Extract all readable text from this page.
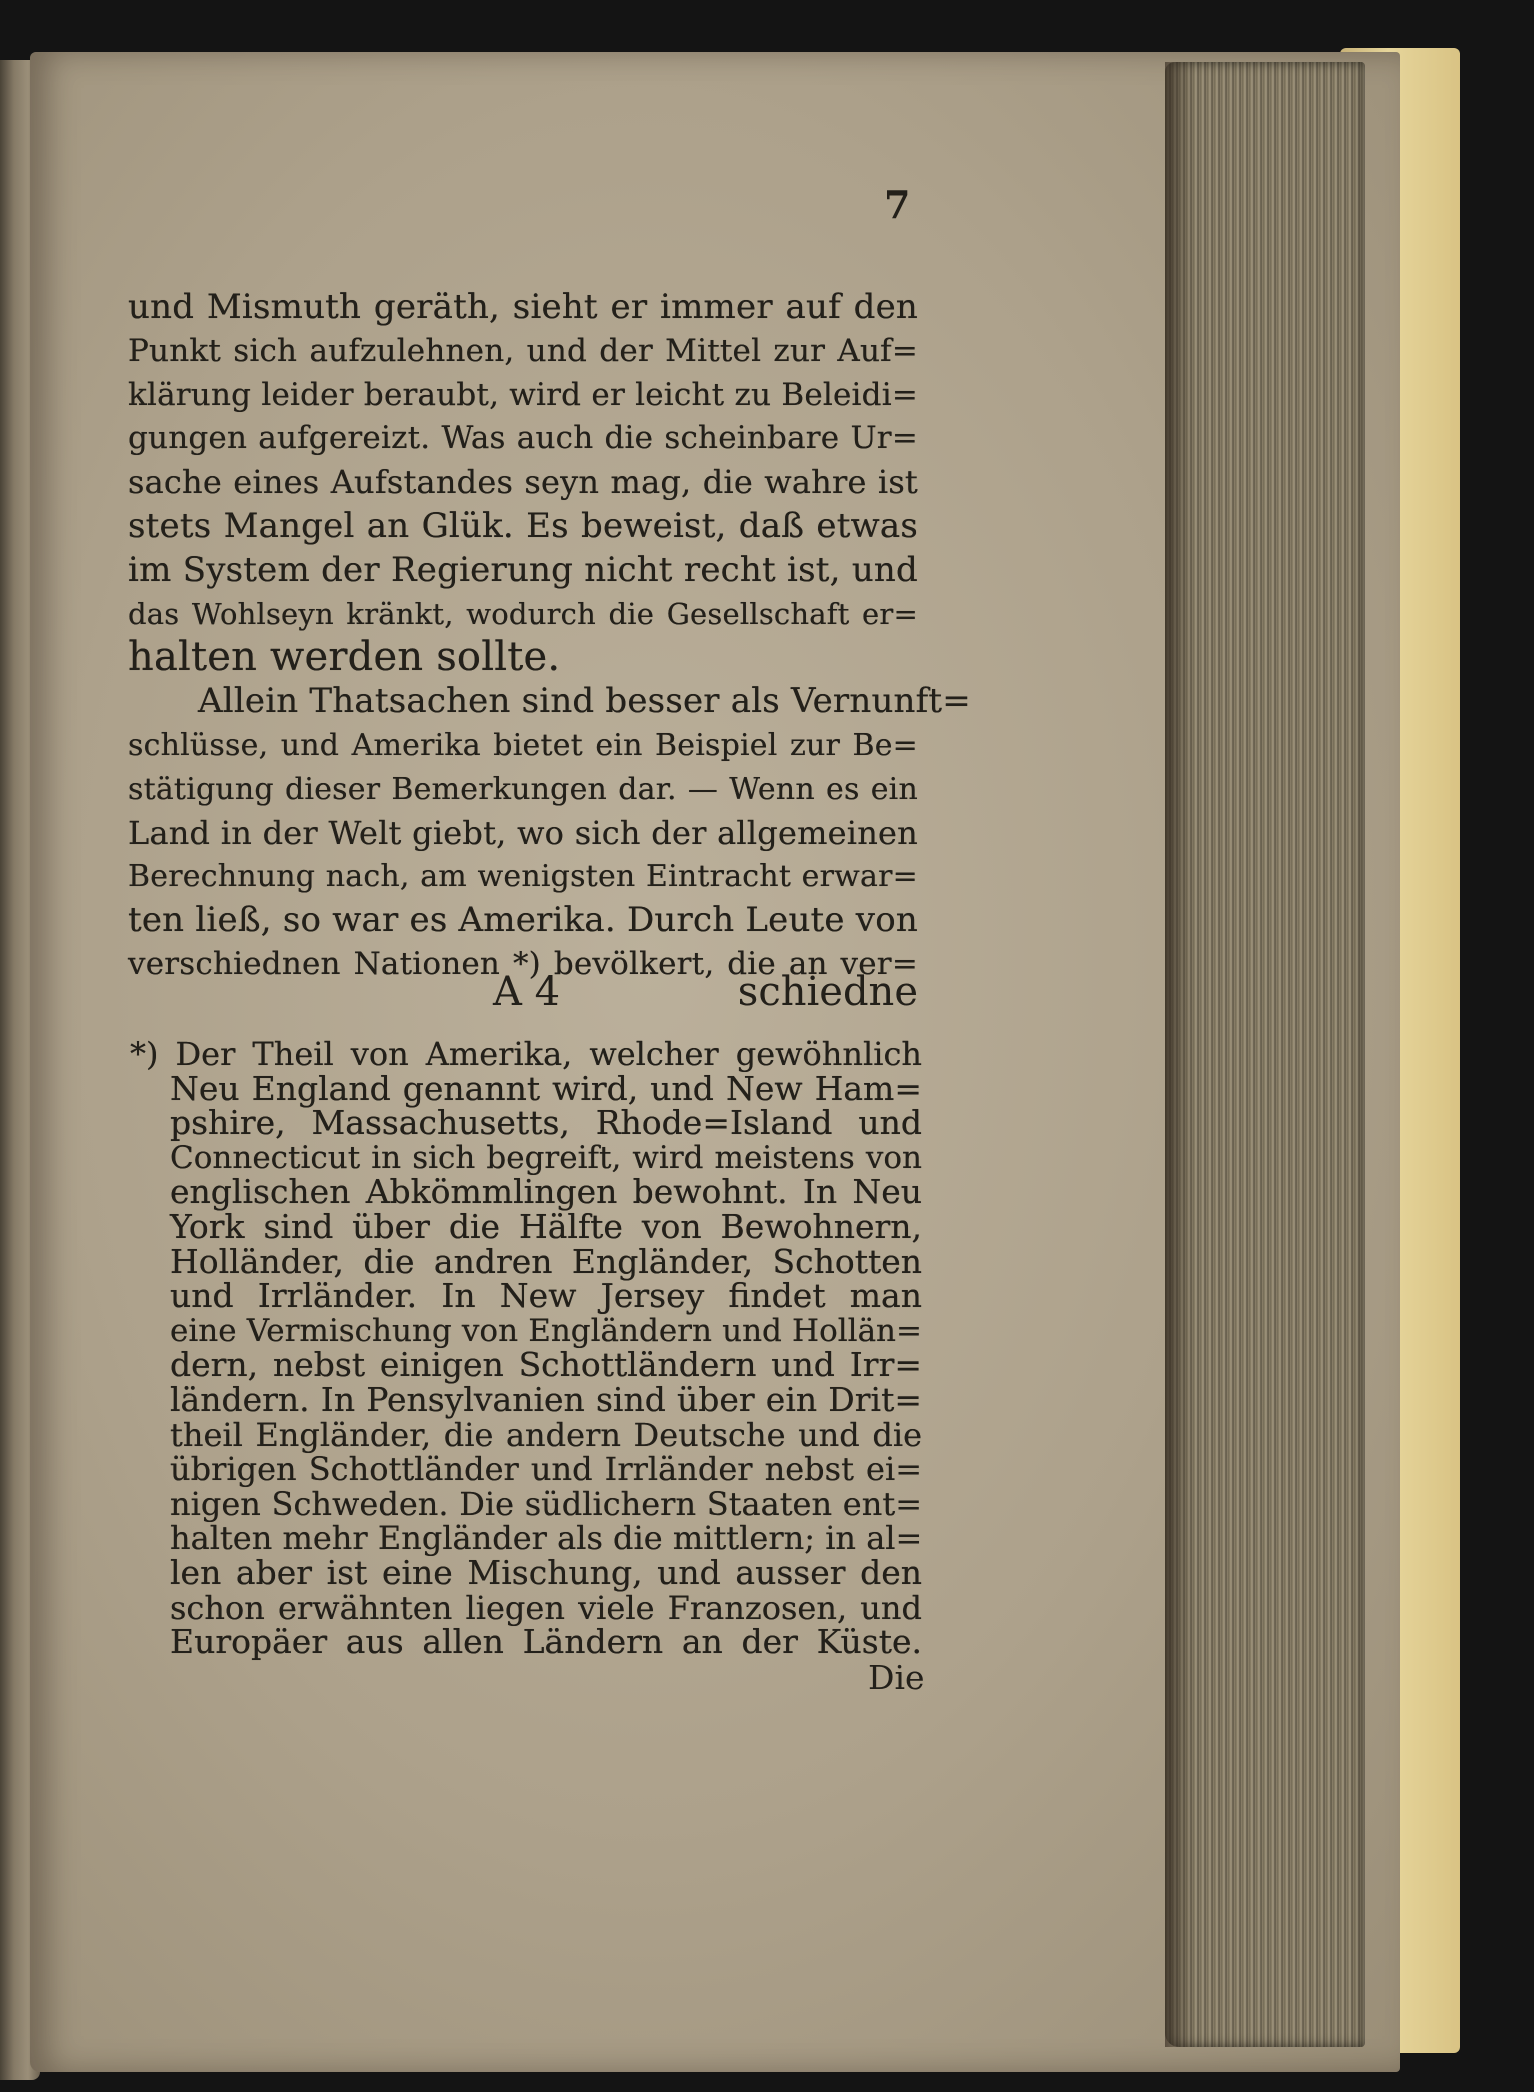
7
und Mismuth geräth, sieht er immer auf den
Punkt sich aufzulehnen, und der Mittel zur Auf=
klärung leider beraubt, wird er leicht zu Beleidi=
gungen aufgereizt. Was auch die scheinbare Ur=
sache eines Aufstandes seyn mag, die wahre ist
stets Mangel an Glük. Es beweist, daß etwas
im System der Regierung nicht recht ist, und
das Wohlseyn kränkt, wodurch die Gesellschaft er=
halten werden sollte.
Allein Thatsachen sind besser als Vernunft=
schlüsse, und Amerika bietet ein Beispiel zur Be=
stätigung dieser Bemerkungen dar. — Wenn es ein
Land in der Welt giebt, wo sich der allgemeinen
Berechnung nach, am wenigsten Eintracht erwar=
ten ließ, so war es Amerika. Durch Leute von
verschiednen Nationen *) bevölkert, die an ver=
A 4	schiedne
*) Der Theil von Amerika, welcher gewöhnlich
Neu England genannt wird, und New Ham=
pshire, Massachusetts, Rhode=Island und
Connecticut in sich begreift, wird meistens von
englischen Abkömmlingen bewohnt. In Neu
York sind über die Hälfte von Bewohnern,
Holländer, die andren Engländer, Schotten
und Irrländer. In New Jersey findet man
eine Vermischung von Engländern und Hollän=
dern, nebst einigen Schottländern und Irr=
ländern. In Pensylvanien sind über ein Drit=
theil Engländer, die andern Deutsche und die
übrigen Schottländer und Irrländer nebst ei=
nigen Schweden. Die südlichern Staaten ent=
halten mehr Engländer als die mittlern; in al=
len aber ist eine Mischung, und ausser den
schon erwähnten liegen viele Franzosen, und
Europäer aus allen Ländern an der Küste.
Die
